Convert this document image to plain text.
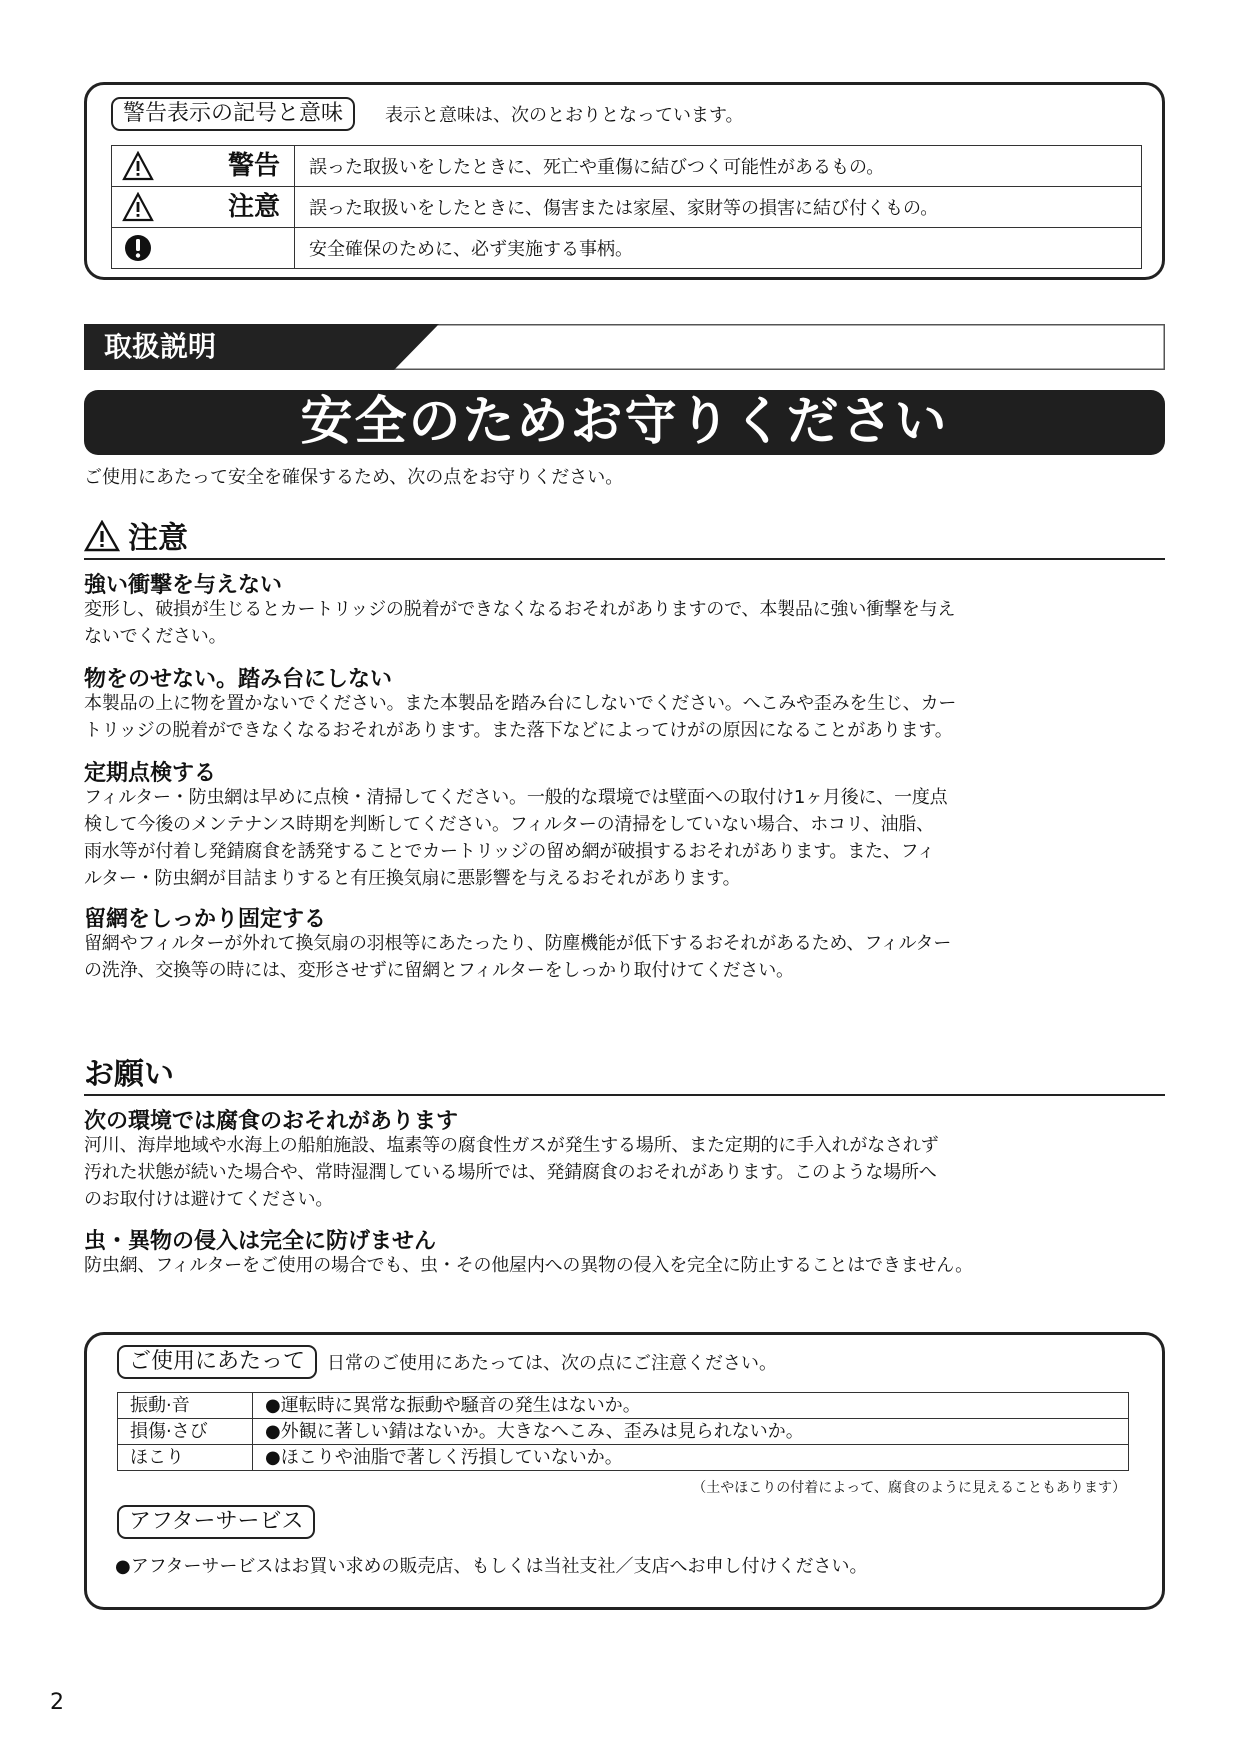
警告表示の記号と意味	表示と意味は、次のとおりとなっています。
警告	誤った取扱いをしたときに、死亡や重傷に結びつく可能性があるもの。

注意	誤った取扱いをしたときに、傷害または家屋、家財等の損害に結び付くもの。

	安全確保のために、必ず実施する事柄。
取扱説明
安全のためお守りください
ご使用にあたって安全を確保するため、次の点をお守りください。
注意
強い衝撃を与えない
変形し、破損が生じるとカートリッジの脱着ができなくなるおそれがありますので、本製品に強い衝撃を与え
ないでください。
物をのせない。踏み台にしない
本製品の上に物を置かないでください。また本製品を踏み台にしないでください。へこみや歪みを生じ、カー
トリッジの脱着ができなくなるおそれがあります。また落下などによってけがの原因になることがあります。
定期点検する
フィルター・防虫網は早めに点検・清掃してください。一般的な環境では壁面への取付け1ヶ月後に、一度点
検して今後のメンテナンス時期を判断してください。フィルターの清掃をしていない場合、ホコリ、油脂、
雨水等が付着し発錆腐食を誘発することでカートリッジの留め網が破損するおそれがあります。また、フィ
ルター・防虫網が目詰まりすると有圧換気扇に悪影響を与えるおそれがあります。
留網をしっかり固定する
留網やフィルターが外れて換気扇の羽根等にあたったり、防塵機能が低下するおそれがあるため、フィルター
の洗浄、交換等の時には、変形させずに留網とフィルターをしっかり取付けてください。
お願い
次の環境では腐食のおそれがあります
河川、海岸地域や水海上の船舶施設、塩素等の腐食性ガスが発生する場所、また定期的に手入れがなされず
汚れた状態が続いた場合や、常時湿潤している場所では、発錆腐食のおそれがあります。このような場所へ
のお取付けは避けてください。
虫・異物の侵入は完全に防げません
防虫網、フィルターをご使用の場合でも、虫・その他屋内への異物の侵入を完全に防止することはできません。
ご使用にあたって	日常のご使用にあたっては、次の点にご注意ください。
振動·音	●運転時に異常な振動や騒音の発生はないか。
損傷·さび	●外観に著しい錆はないか。大きなへこみ、歪みは見られないか。
ほこり	●ほこりや油脂で著しく汚損していないか。
（土やほこりの付着によって、腐食のように見えることもあります）
アフターサービス
●アフターサービスはお買い求めの販売店、もしくは当社支社／支店へお申し付けください。
2
